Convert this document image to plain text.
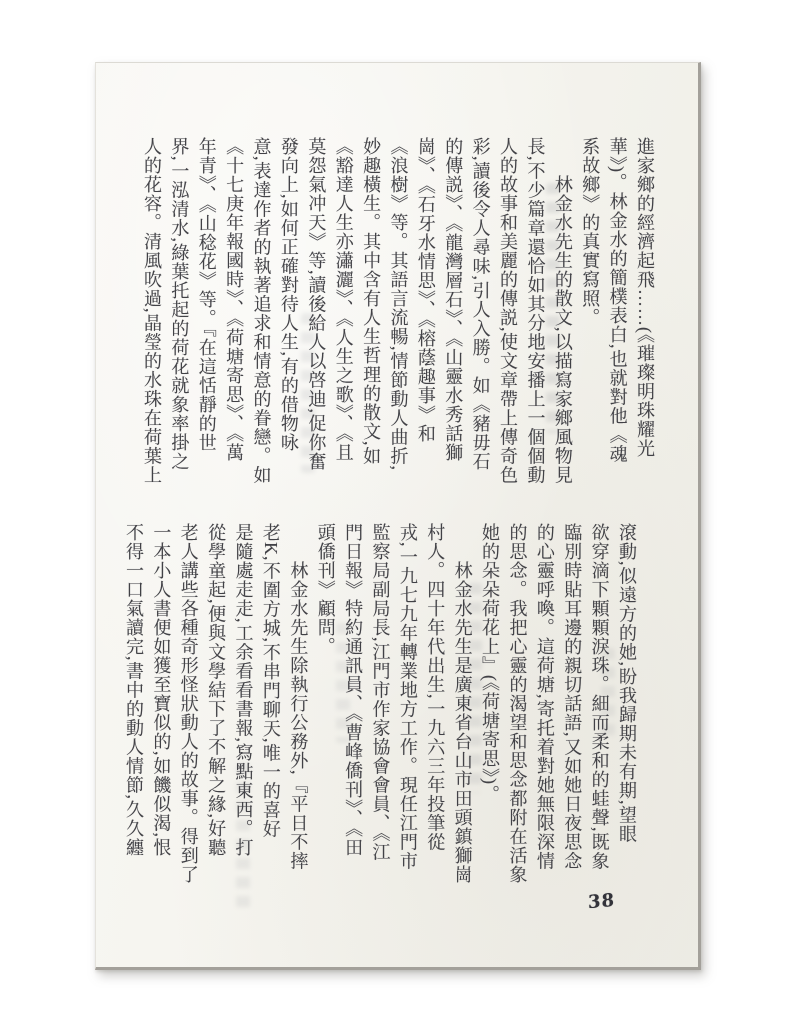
進家鄉的經濟起飛……(《璀璨明珠耀光
華》)。林金水的簡樸表白,也就對他《魂
系故鄉》的真實寫照。
　　林金水先生的散文,以描寫家鄉風物見
長,不少篇章還恰如其分地安播上一個個動
人的故事和美麗的傳説,使文章帶上傳奇色
彩,讀後令人尋味,引人入勝。如《豬毋石
的傳説》、《龍灣層石》、《山靈水秀話獅
崗》、《石牙水情思》、《榕蔭趣事》和
《浪樹》等。其語言流暢,情節動人曲折,
妙趣橫生。其中含有人生哲理的散文,如
《豁達人生亦瀟灑》、《人生之歌》、《且
莫怨氣冲天》等,讀後給人以啓迪,促你奮
發向上,如何正確對待人生,有的借物咏
意,表達作者的執著追求和情意的眷戀。如
《十七庚年報國時》、《荷塘寄思》、《萬
年青》、《山稔花》等。『在這恬靜的世
界,一泓清水,綠葉托起的荷花就象率掛之
人的花容。清風吹過,晶瑩的水珠在荷葉上
滾動,似遠方的她,盼我歸期未有期,望眼
欲穿滴下顆顆淚珠。細而柔和的蛙聲,既象
臨別時貼耳邊的親切話語,又如她日夜思念
的心靈呼喚。這荷塘,寄托着對她無限深情
的思念。我把心靈的渴望和思念都附在活象
她的朵朵荷花上』(《荷塘寄思》)。
　　林金水先生是廣東省台山市田頭鎮獅崗
村人。四十年代出生,一九六三年投筆從
戎,一九七九年轉業地方工作。現任江門市
監察局副局長,江門市作家協會會員、《江
門日報》特約通訊員、《曹峰僑刊》、《田
頭僑刊》顧問。
　　林金水先生除執行公務外,『平日不摔
老K,不圍方城,不串門聊天,唯一的喜好
是隨處走走,工余看看書報,寫點東西。打
從學童起,便與文學結下了不解之緣,好聽
老人講些各種奇形怪狀動人的故事。得到了
一本小人書便如獲至寶似的,如饑似渴,恨
不得一口氣讀完,書中的動人情節,久久纏
38
